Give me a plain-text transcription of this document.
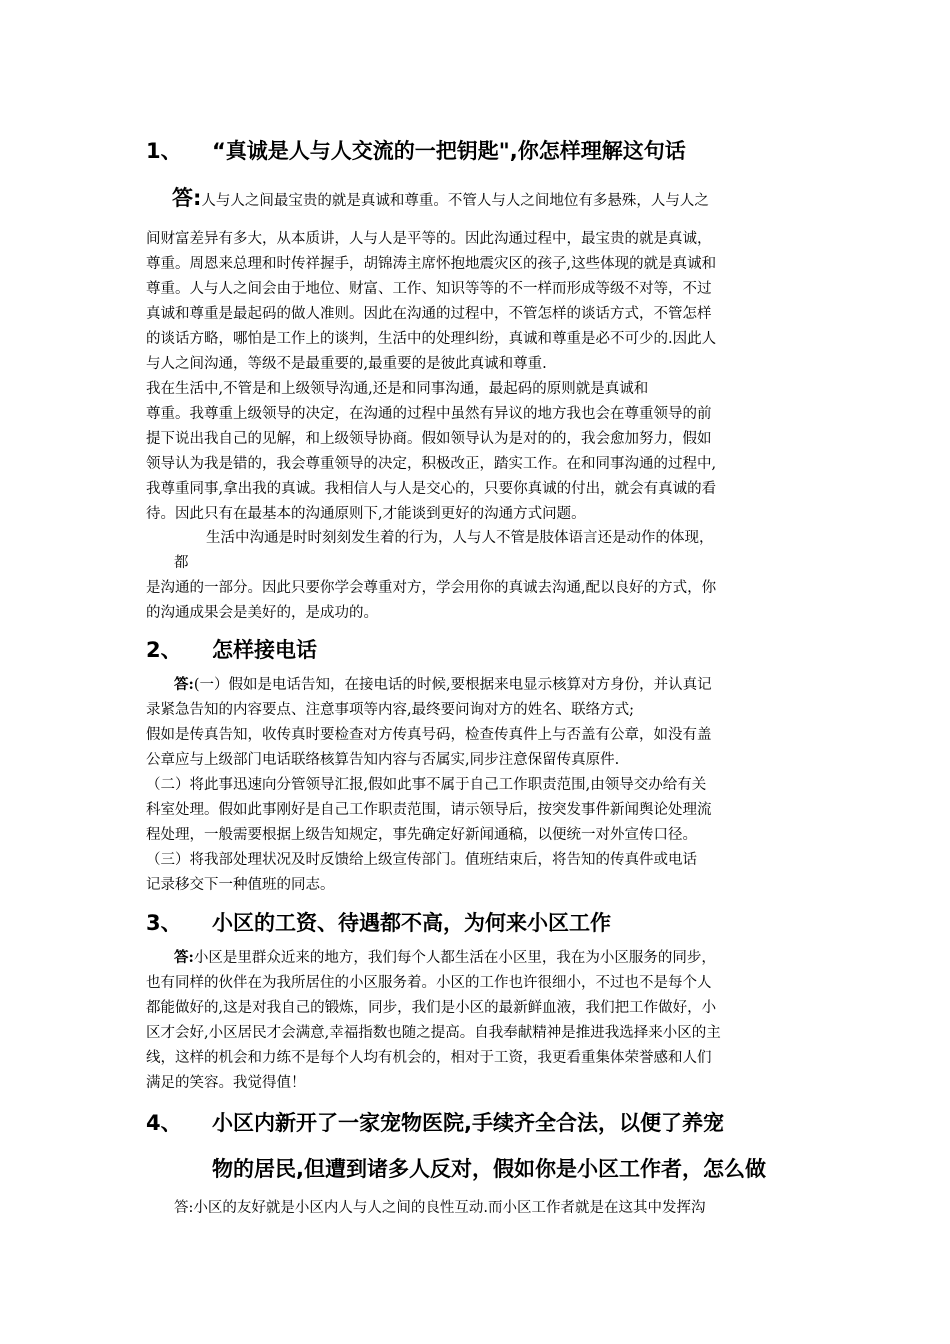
1、 “真诚是人与人交流的一把钥匙",你怎样理解这句话
答:人与人之间最宝贵的就是真诚和尊重。不管人与人之间地位有多悬殊，人与人之
间财富差异有多大，从本质讲，人与人是平等的。因此沟通过程中，最宝贵的就是真诚，
尊重。周恩来总理和时传祥握手，胡锦涛主席怀抱地震灾区的孩子,这些体现的就是真诚和
尊重。人与人之间会由于地位、财富、工作、知识等等的不一样而形成等级不对等，不过
真诚和尊重是最起码的做人准则。因此在沟通的过程中，不管怎样的谈话方式，不管怎样
的谈话方略，哪怕是工作上的谈判，生活中的处理纠纷，真诚和尊重是必不可少的.因此人
与人之间沟通，等级不是最重要的,最重要的是彼此真诚和尊重.
我在生活中,不管是和上级领导沟通,还是和同事沟通，最起码的原则就是真诚和
尊重。我尊重上级领导的决定，在沟通的过程中虽然有异议的地方我也会在尊重领导的前
提下说出我自己的见解，和上级领导协商。假如领导认为是对的的，我会愈加努力，假如
领导认为我是错的，我会尊重领导的决定，积极改正，踏实工作。在和同事沟通的过程中,
我尊重同事,拿出我的真诚。我相信人与人是交心的，只要你真诚的付出，就会有真诚的看
待。因此只有在最基本的沟通原则下,才能谈到更好的沟通方式问题。
生活中沟通是时时刻刻发生着的行为，人与人不管是肢体语言还是动作的体现，
都
是沟通的一部分。因此只要你学会尊重对方，学会用你的真诚去沟通,配以良好的方式，你
的沟通成果会是美好的，是成功的。
2、 怎样接电话
答:(一）假如是电话告知，在接电话的时候,要根据来电显示核算对方身份，并认真记
录紧急告知的内容要点、注意事项等内容,最终要问询对方的姓名、联络方式;
假如是传真告知，收传真时要检查对方传真号码，检查传真件上与否盖有公章，如没有盖
公章应与上级部门电话联络核算告知内容与否属实,同步注意保留传真原件.
（二）将此事迅速向分管领导汇报,假如此事不属于自己工作职责范围,由领导交办给有关
科室处理。假如此事刚好是自己工作职责范围，请示领导后，按突发事件新闻舆论处理流
程处理，一般需要根据上级告知规定，事先确定好新闻通稿，以便统一对外宣传口径。
（三）将我部处理状况及时反馈给上级宣传部门。值班结束后，将告知的传真件或电话
记录移交下一种值班的同志。
3、 小区的工资、待遇都不高，为何来小区工作
答:小区是里群众近来的地方，我们每个人都生活在小区里，我在为小区服务的同步，
也有同样的伙伴在为我所居住的小区服务着。小区的工作也许很细小，不过也不是每个人
都能做好的,这是对我自己的锻炼，同步，我们是小区的最新鲜血液，我们把工作做好，小
区才会好,小区居民才会满意,幸福指数也随之提高。自我奉献精神是推进我选择来小区的主
线，这样的机会和力练不是每个人均有机会的，相对于工资，我更看重集体荣誉感和人们
满足的笑容。我觉得值！
4、 小区内新开了一家宠物医院,手续齐全合法，以便了养宠
物的居民,但遭到诸多人反对，假如你是小区工作者，怎么做
答:小区的友好就是小区内人与人之间的良性互动.而小区工作者就是在这其中发挥沟
